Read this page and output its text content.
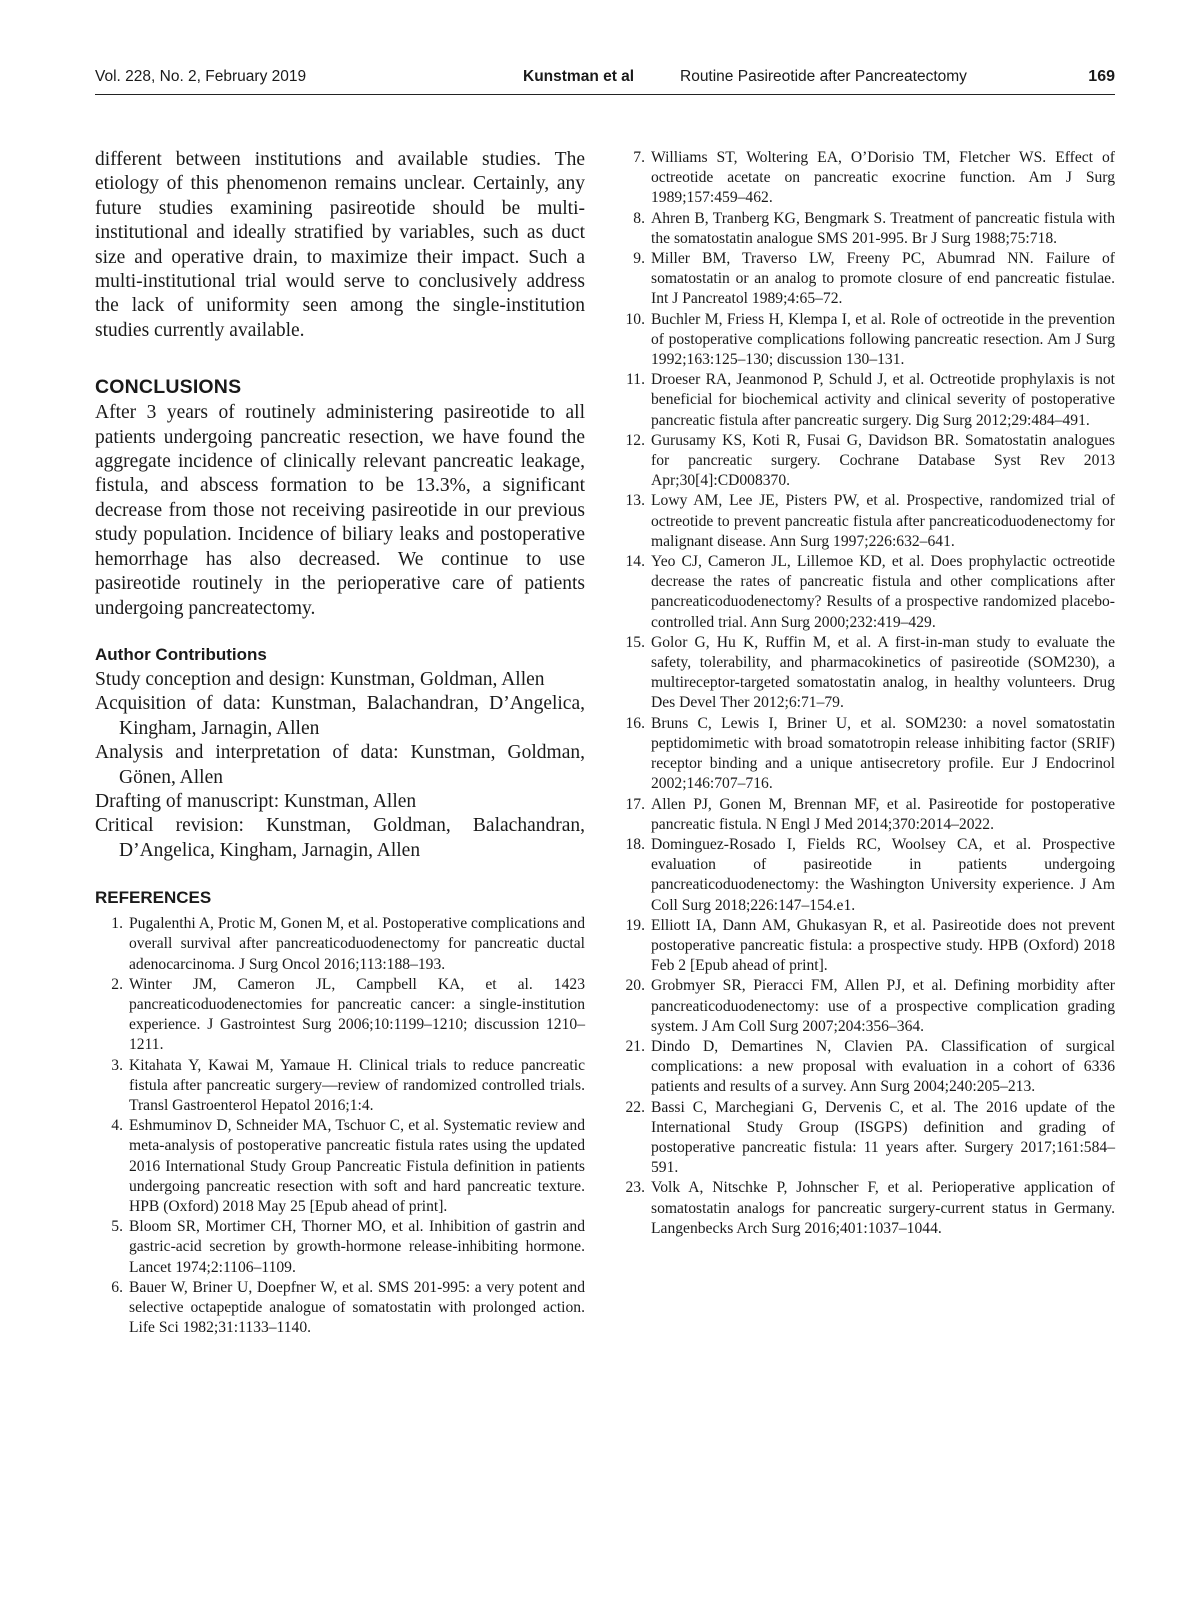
Vol. 228, No. 2, February 2019	Kunstman et al	Routine Pasireotide after Pancreatectomy	169

different between institutions and available studies. The etiology of this phenomenon remains unclear. Certainly, any future studies examining pasireotide should be multi-institutional and ideally stratified by variables, such as duct size and operative drain, to maximize their impact. Such a multi-institutional trial would serve to conclusively address the lack of uniformity seen among the single-institution studies currently available.

CONCLUSIONS

After 3 years of routinely administering pasireotide to all patients undergoing pancreatic resection, we have found the aggregate incidence of clinically relevant pancreatic leakage, fistula, and abscess formation to be 13.3%, a significant decrease from those not receiving pasireotide in our previous study population. Incidence of biliary leaks and postoperative hemorrhage has also decreased. We continue to use pasireotide routinely in the perioperative care of patients undergoing pancreatectomy.

Author Contributions

Study conception and design: Kunstman, Goldman, Allen

Acquisition of data: Kunstman, Balachandran, D’Angelica, Kingham, Jarnagin, Allen

Analysis and interpretation of data: Kunstman, Goldman, Gönen, Allen

Drafting of manuscript: Kunstman, Allen

Critical revision: Kunstman, Goldman, Balachandran, D’Angelica, Kingham, Jarnagin, Allen

REFERENCES
1. Pugalenthi A, Protic M, Gonen M, et al. Postoperative complications and overall survival after pancreaticoduodenectomy for pancreatic ductal adenocarcinoma. J Surg Oncol 2016;113:188–193.
2. Winter JM, Cameron JL, Campbell KA, et al. 1423 pancreaticoduodenectomies for pancreatic cancer: a single-institution experience. J Gastrointest Surg 2006;10:1199–1210; discussion 1210–1211.
3. Kitahata Y, Kawai M, Yamaue H. Clinical trials to reduce pancreatic fistula after pancreatic surgery—review of randomized controlled trials. Transl Gastroenterol Hepatol 2016;1:4.
4. Eshmuminov D, Schneider MA, Tschuor C, et al. Systematic review and meta-analysis of postoperative pancreatic fistula rates using the updated 2016 International Study Group Pancreatic Fistula definition in patients undergoing pancreatic resection with soft and hard pancreatic texture. HPB (Oxford) 2018 May 25 [Epub ahead of print].
5. Bloom SR, Mortimer CH, Thorner MO, et al. Inhibition of gastrin and gastric-acid secretion by growth-hormone release-inhibiting hormone. Lancet 1974;2:1106–1109.
6. Bauer W, Briner U, Doepfner W, et al. SMS 201-995: a very potent and selective octapeptide analogue of somatostatin with prolonged action. Life Sci 1982;31:1133–1140.
7. Williams ST, Woltering EA, O’Dorisio TM, Fletcher WS. Effect of octreotide acetate on pancreatic exocrine function. Am J Surg 1989;157:459–462.
8. Ahren B, Tranberg KG, Bengmark S. Treatment of pancreatic fistula with the somatostatin analogue SMS 201-995. Br J Surg 1988;75:718.
9. Miller BM, Traverso LW, Freeny PC, Abumrad NN. Failure of somatostatin or an analog to promote closure of end pancreatic fistulae. Int J Pancreatol 1989;4:65–72.
10. Buchler M, Friess H, Klempa I, et al. Role of octreotide in the prevention of postoperative complications following pancreatic resection. Am J Surg 1992;163:125–130; discussion 130–131.
11. Droeser RA, Jeanmonod P, Schuld J, et al. Octreotide prophylaxis is not beneficial for biochemical activity and clinical severity of postoperative pancreatic fistula after pancreatic surgery. Dig Surg 2012;29:484–491.
12. Gurusamy KS, Koti R, Fusai G, Davidson BR. Somatostatin analogues for pancreatic surgery. Cochrane Database Syst Rev 2013 Apr;30[4]:CD008370.
13. Lowy AM, Lee JE, Pisters PW, et al. Prospective, randomized trial of octreotide to prevent pancreatic fistula after pancreaticoduodenectomy for malignant disease. Ann Surg 1997;226:632–641.
14. Yeo CJ, Cameron JL, Lillemoe KD, et al. Does prophylactic octreotide decrease the rates of pancreatic fistula and other complications after pancreaticoduodenectomy? Results of a prospective randomized placebo-controlled trial. Ann Surg 2000;232:419–429.
15. Golor G, Hu K, Ruffin M, et al. A first-in-man study to evaluate the safety, tolerability, and pharmacokinetics of pasireotide (SOM230), a multireceptor-targeted somatostatin analog, in healthy volunteers. Drug Des Devel Ther 2012;6:71–79.
16. Bruns C, Lewis I, Briner U, et al. SOM230: a novel somatostatin peptidomimetic with broad somatotropin release inhibiting factor (SRIF) receptor binding and a unique antisecretory profile. Eur J Endocrinol 2002;146:707–716.
17. Allen PJ, Gonen M, Brennan MF, et al. Pasireotide for postoperative pancreatic fistula. N Engl J Med 2014;370:2014–2022.
18. Dominguez-Rosado I, Fields RC, Woolsey CA, et al. Prospective evaluation of pasireotide in patients undergoing pancreaticoduodenectomy: the Washington University experience. J Am Coll Surg 2018;226:147–154.e1.
19. Elliott IA, Dann AM, Ghukasyan R, et al. Pasireotide does not prevent postoperative pancreatic fistula: a prospective study. HPB (Oxford) 2018 Feb 2 [Epub ahead of print].
20. Grobmyer SR, Pieracci FM, Allen PJ, et al. Defining morbidity after pancreaticoduodenectomy: use of a prospective complication grading system. J Am Coll Surg 2007;204:356–364.
21. Dindo D, Demartines N, Clavien PA. Classification of surgical complications: a new proposal with evaluation in a cohort of 6336 patients and results of a survey. Ann Surg 2004;240:205–213.
22. Bassi C, Marchegiani G, Dervenis C, et al. The 2016 update of the International Study Group (ISGPS) definition and grading of postoperative pancreatic fistula: 11 years after. Surgery 2017;161:584–591.
23. Volk A, Nitschke P, Johnscher F, et al. Perioperative application of somatostatin analogs for pancreatic surgery-current status in Germany. Langenbecks Arch Surg 2016;401:1037–1044.
